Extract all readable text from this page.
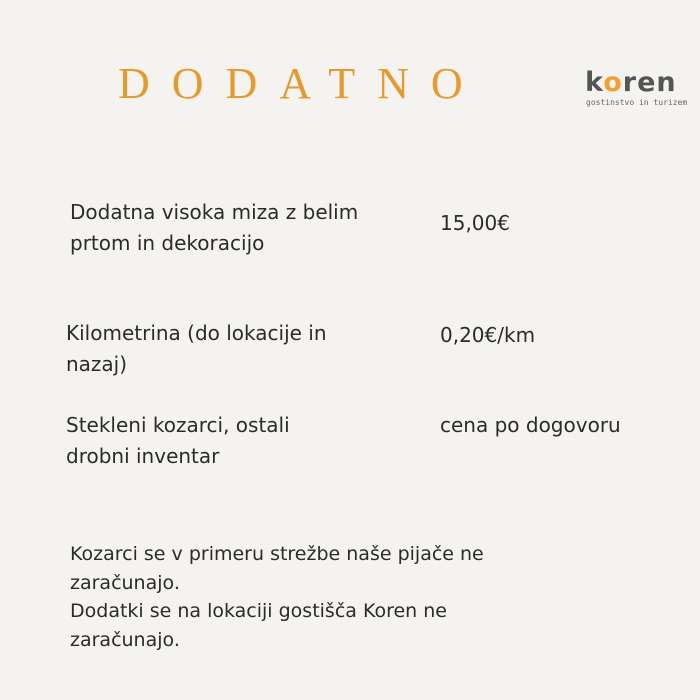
DODATNO	koren
gostinstvo in turizem
Dodatna visoka miza z belim prtom in dekoracijo
15,00€
Kilometrina (do lokacije in nazaj)
0,20€/km
Stekleni kozarci, ostali drobni inventar
cena po dogovoru
Kozarci se v primeru strežbe naše pijače ne zaračunajo.
Dodatki se na lokaciji gostišča Koren ne zaračunajo.
